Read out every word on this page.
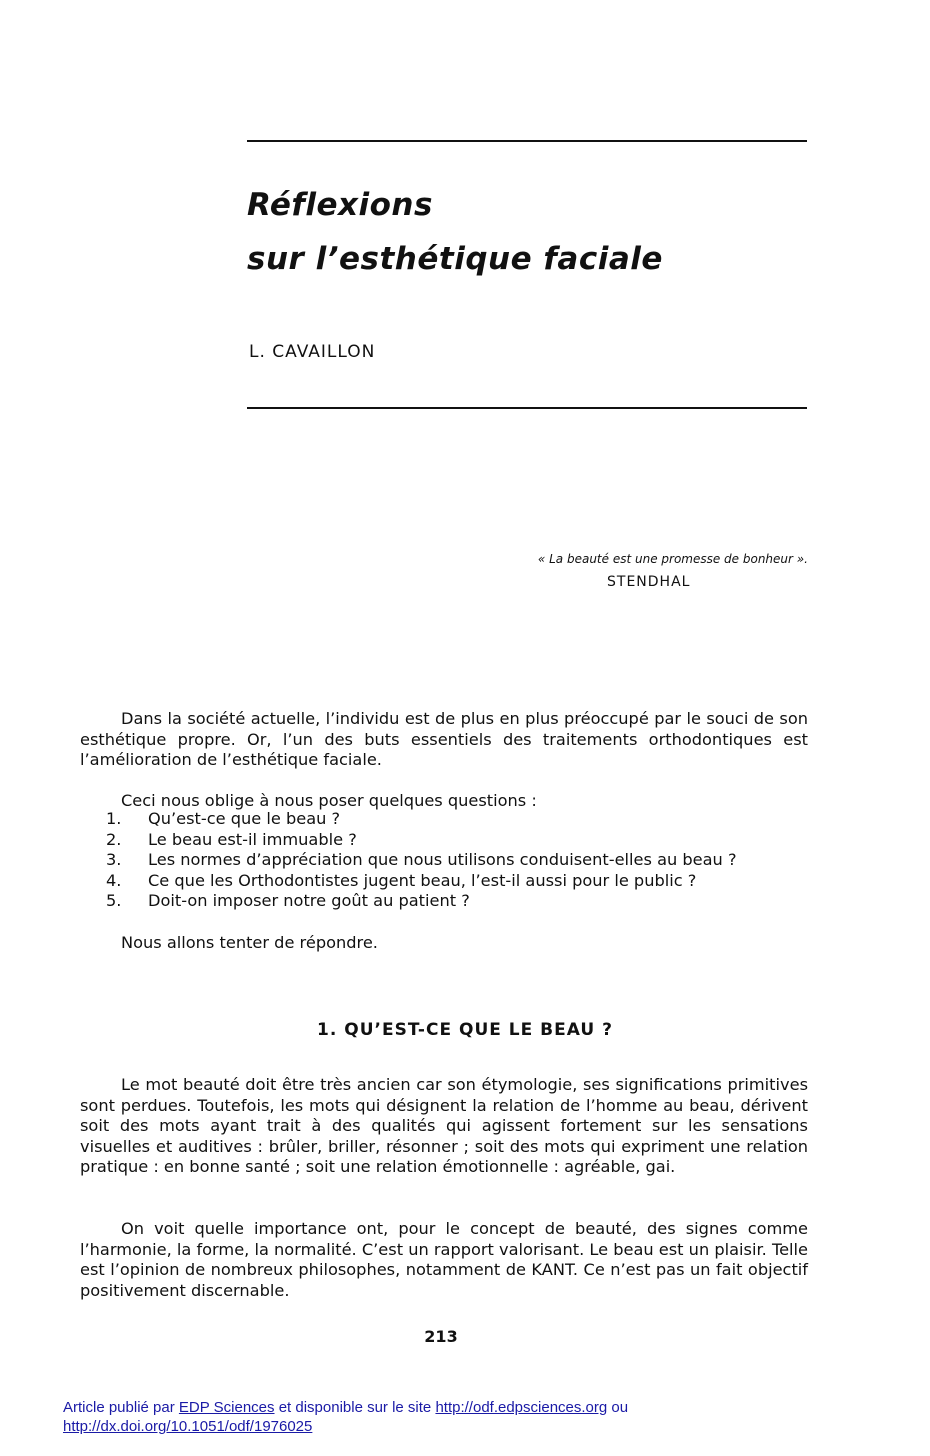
Réflexions
sur l’esthétique faciale
L. CAVAILLON
« La beauté est une promesse de bonheur ».
STENDHAL

Dans la société actuelle, l’individu est de plus en plus préoccupé par le souci de son esthétique propre. Or, l’un des buts essentiels des traitements orthodontiques est l’amélioration de l’esthétique faciale.

Ceci nous oblige à nous poser quelques questions :

1. Qu’est-ce que le beau ?
2. Le beau est-il immuable ?
3. Les normes d’appréciation que nous utilisons conduisent-elles au beau ?
4. Ce que les Orthodontistes jugent beau, l’est-il aussi pour le public ?
5. Doit-on imposer notre goût au patient ?

Nous allons tenter de répondre.

1. QU’EST-CE QUE LE BEAU ?

Le mot beauté doit être très ancien car son étymologie, ses significations primitives sont perdues. Toutefois, les mots qui désignent la relation de l’homme au beau, dérivent soit des mots ayant trait à des qualités qui agissent fortement sur les sensations visuelles et auditives : brûler, briller, résonner ; soit des mots qui expriment une relation pratique : en bonne santé ; soit une relation émotionnelle : agréable, gai.

On voit quelle importance ont, pour le concept de beauté, des signes comme l’harmonie, la forme, la normalité. C’est un rapport valorisant. Le beau est un plaisir. Telle est l’opinion de nombreux philosophes, notamment de KANT. Ce n’est pas un fait objectif positivement discernable.

213
Article publié par EDP Sciences et disponible sur le site http://odf.edpsciences.org ou
http://dx.doi.org/10.1051/odf/1976025
